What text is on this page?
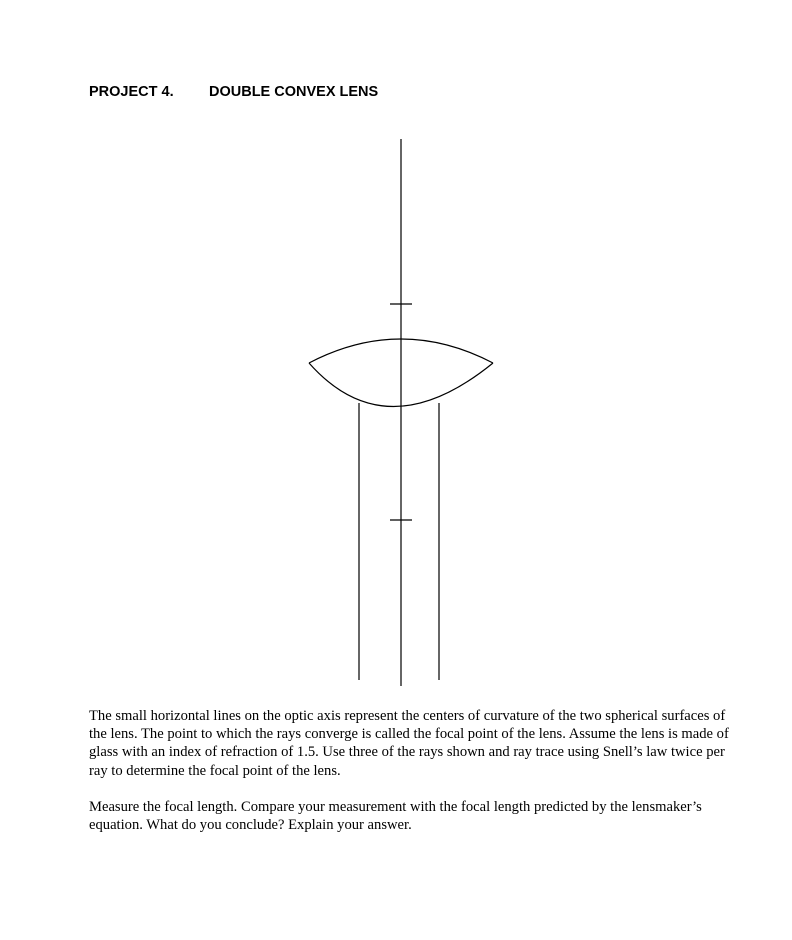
PROJECT 4. DOUBLE CONVEX LENS

The small horizontal lines on the optic axis represent the centers of curvature of the two spherical surfaces of the lens. The point to which the rays converge is called the focal point of the lens. Assume the lens is made of glass with an index of refraction of 1.5. Use three of the rays shown and ray trace using Snell’s law twice per ray to determine the focal point of the lens.

Measure the focal length. Compare your measurement with the focal length predicted by the lensmaker’s equation. What do you conclude? Explain your answer.
